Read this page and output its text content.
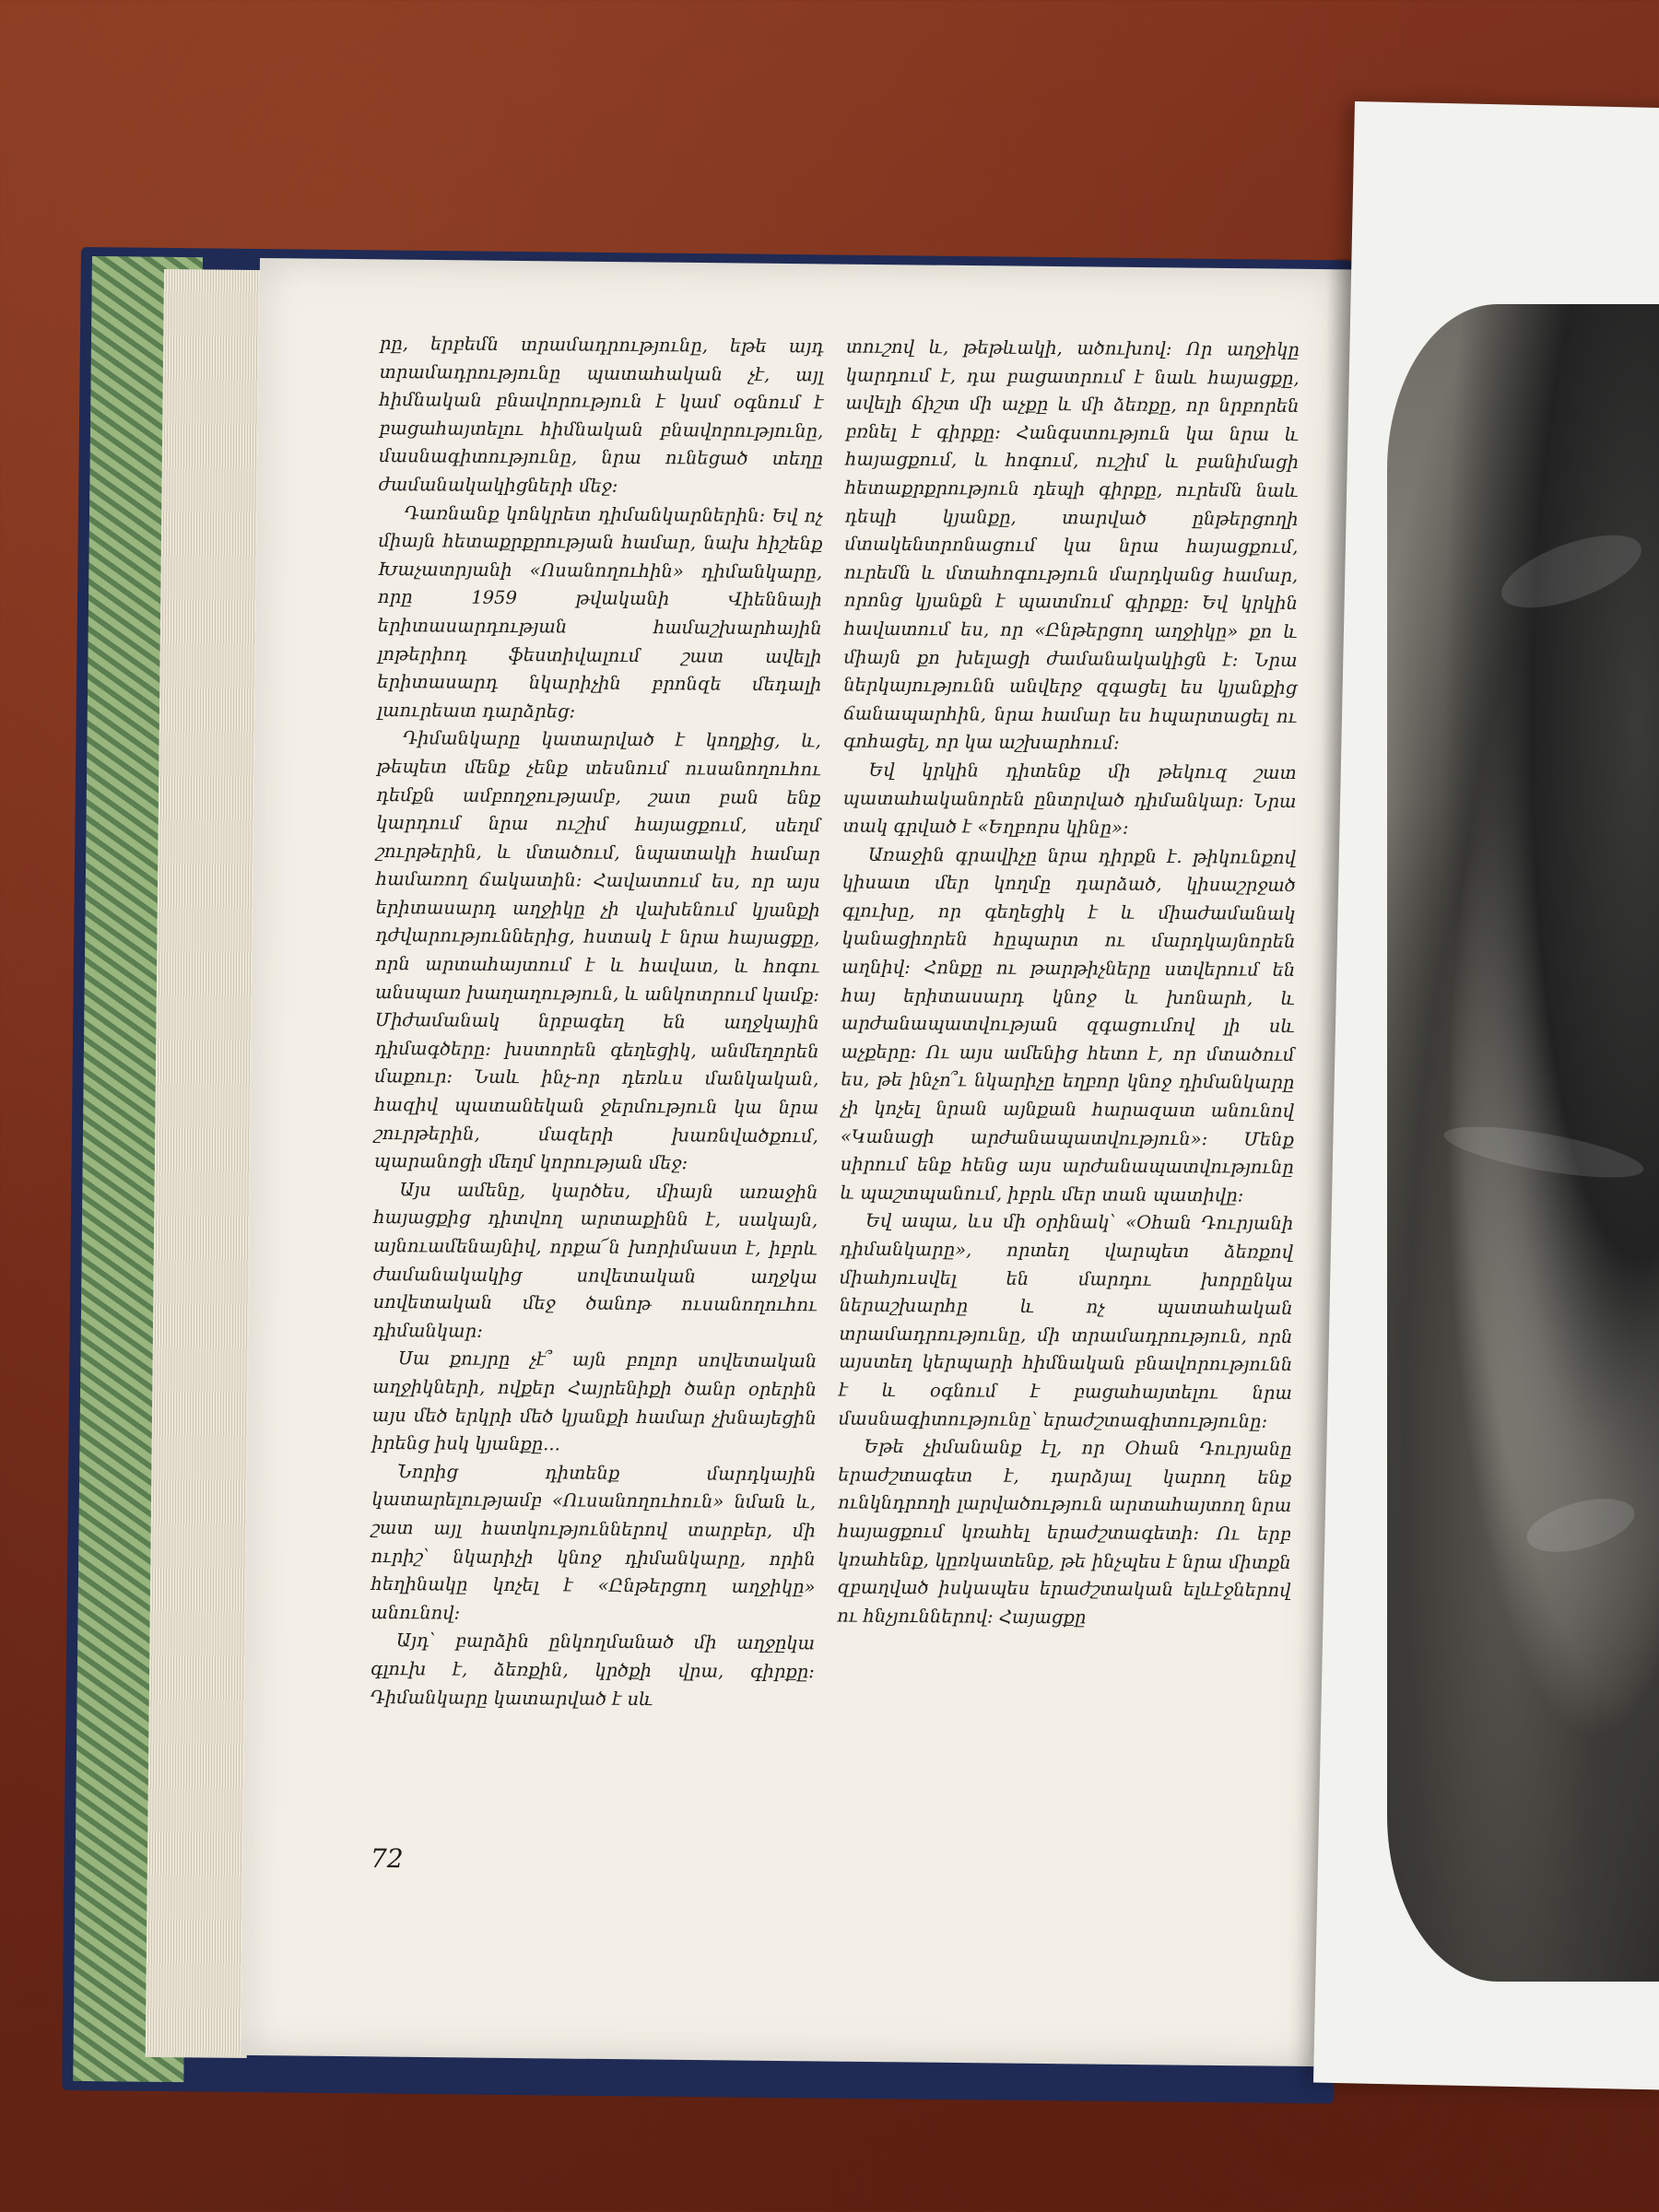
րը, երբեմն տրամադրությունը, եթե այդ տրամադրությունը պատահական չէ, այլ հիմնական բնավորություն է կամ օգնում է բացահայտելու հիմնական բնավորությունը, մասնագիտությունը, նրա ունեցած տեղը ժամանակակիցների մեջ։

Դառնանք կոնկրետ դիմանկարներին։ Եվ ոչ միայն հետաքրքրության համար, նախ հիշենք Խաչատրյանի «Ոսանողուհին» դիմանկարը, որը 1959 թվականի Վիեննայի երիտասարդության համաշխարհային լոթերիոդ ֆեստիվալում շատ ավելի երիտասարդ նկարիչին բրոնզե մեդալի լաուրեատ դարձրեց։

Դիմանկարը կատարված է կողքից, և, թեպետ մենք չենք տեսնում ուսանողուհու դեմքն ամբողջությամբ, շատ բան ենք կարդում նրա ուշիմ հայացքում, սեղմ շուրթերին, և մտածում, նպատակի համար համառող ճակատին։ Հավատում ես, որ այս երիտասարդ աղջիկը չի վախենում կյանքի դժվարություններից, հստակ է նրա հայացքը, որն արտահայտում է և հավատ, և հոգու անսպառ խաղաղություն, և անկոտրում կամք։ Միժամանակ նրբագեղ են աղջկային դիմագծերը։ խստորեն գեղեցիկ, անմեղորեն մաքուր։ Նաև ինչ-որ դեռևս մանկական, հազիվ պատանեկան ջերմություն կա նրա շուրթերին, մազերի խառնվածքում, պարանոցի մեղմ կորության մեջ։

Այս ամենը, կարծես, միայն առաջին հայացքից դիտվող արտաքինն է, սակայն, այնուամենայնիվ, որքա՜ն խորիմաստ է, իբրև ժամանակակից սովետական աղջկա սովետական մեջ ծանոթ ուսանողուհու դիմանկար։

Սա քույրը չէ՞ այն բոլոր սովետական աղջիկների, ովքեր Հայրենիքի ծանր օրերին այս մեծ երկրի մեծ կյանքի համար չխնայեցին իրենց իսկ կյանքը...

Նորից դիտենք մարդկային կատարելությամբ «Ուսանողուհուն» նման և, շատ այլ հատկություններով տարբեր, մի ուրիշ՝ նկարիչի կնոջ դիմանկարը, որին հեղինակը կոչել է «Ընթերցող աղջիկը» անունով։

Այդ՝ բարձին ընկողմանած մի աղջըկա գլուխ է, ձեռքին, կրծքի վրա, գիրքը։ Դիմանկարը կատարված է սև

տուշով և, թեթևակի, ածուխով։ Որ աղջիկը կարդում է, դա բացատրում է նաև հայացքը, ավելի ճիշտ մի աչքը և մի ձեռքը, որ նրբորեն բռնել է գիրքը։ Հանգստություն կա նրա և հայացքում, և հոգում, ուշիմ և բանիմացի հետաքրքրություն դեպի գիրքը, ուրեմն նաև դեպի կյանքը, տարված ընթերցողի մտակենտրոնացում կա նրա հայացքում, ուրեմն և մտահոգություն մարդկանց համար, որոնց կյանքն է պատմում գիրքը։ Եվ կրկին հավատում ես, որ «Ընթերցող աղջիկը» քո և միայն քո խելացի ժամանակակիցն է։ Նրա ներկայությունն անվերջ զգացել ես կյանքից ճանապարհին, նրա համար ես հպարտացել ու գոհացել, որ կա աշխարհում։

Եվ կրկին դիտենք մի թեկուզ շատ պատահականորեն ընտրված դիմանկար։ Նրա տակ գրված է «Եղբորս կինը»։

Առաջին գրավիչը նրա դիրքն է. թիկունքով կիսատ մեր կողմը դարձած, կիսաշրջած գլուխը, որ գեղեցիկ է և միաժամանակ կանացիորեն հըպարտ ու մարդկայնորեն աղնիվ։ Հոնքը ու թարթիչները ստվերում են հայ երիտասարդ կնոջ և խոնարհ, և արժանապատվության զգացումով լի սև աչքերը։ Ու այս ամենից հետո է, որ մտածում ես, թե ինչո՞ւ նկարիչը եղբոր կնոջ դիմանկարը չի կոչել նրան այնքան հարազատ անունով «Կանացի արժանապատվություն»։ Մենք սիրում ենք հենց այս արժանապատվությունը և պաշտպանում, իբրև մեր տան պատիվը։

Եվ ապա, ևս մի օրինակ՝ «Օհան Դուրյանի դիմանկարը», որտեղ վարպետ ձեռքով միահյուսվել են մարդու խորընկա ներաշխարհը և ոչ պատահական տրամադրությունը, մի տրամադրություն, որն այստեղ կերպարի հիմնական բնավորությունն է և օգնում է բացահայտելու նրա մասնագիտությունը՝ երաժշտագիտությունը։

Եթե չիմանանք էլ, որ Օհան Դուրյանը երաժշտագետ է, դարձյալ կարող ենք ունկնդրողի լարվածություն արտահայտող նրա հայացքում կռահել երաժշտագետի։ Ու երբ կռահենք, կըռկատենք, թե ինչպես է նրա միտքն զբաղված իսկապես երաժշտական ելևէջներով ու հնչյուններով։ Հայացքը

72
